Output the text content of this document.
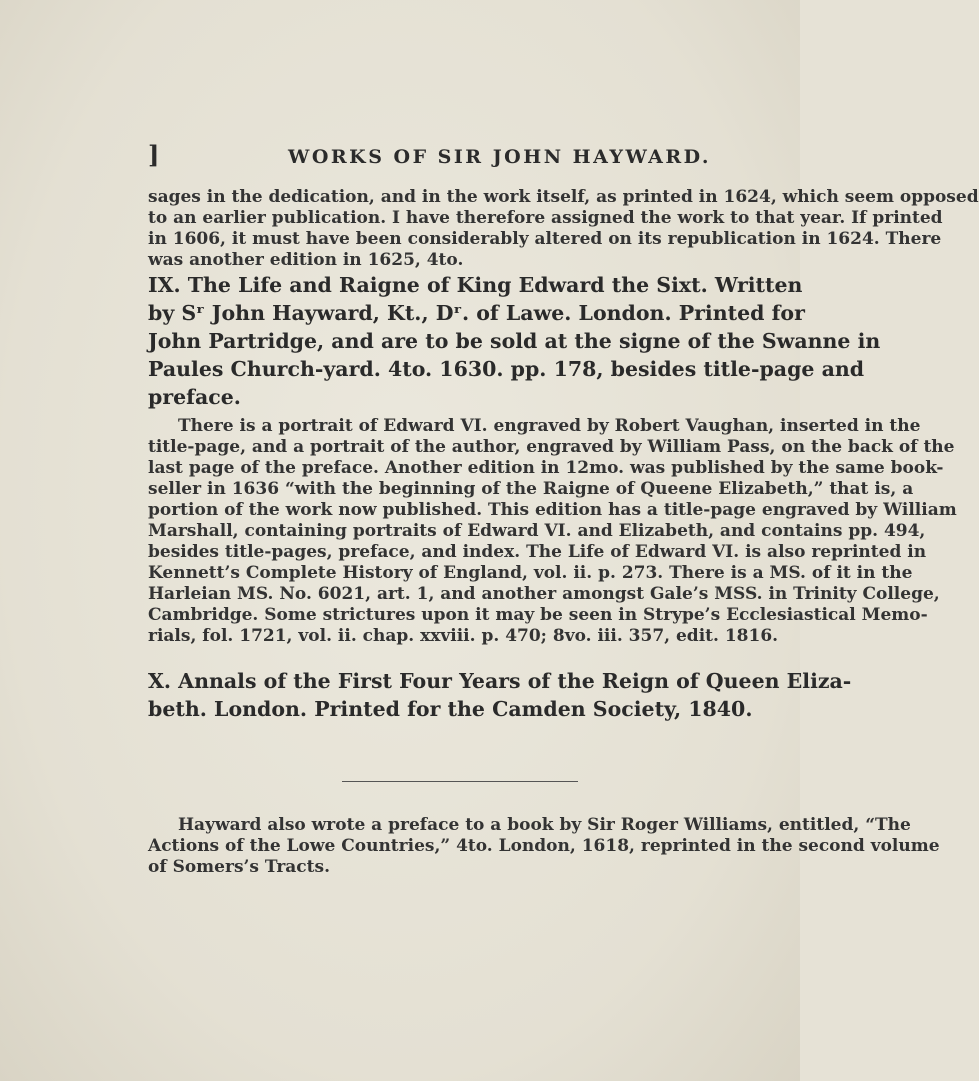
]	WORKS OF SIR JOHN HAYWARD.

sages in the dedication, and in the work itself, as printed in 1624, which seem opposed
to an earlier publication. I have therefore assigned the work to that year. If printed
in 1606, it must have been considerably altered on its republication in 1624. There
was another edition in 1625, 4to.

IX. The Life and Raigne of King Edward the Sixt. Written
by Sʳ John Hayward, Kt., Dʳ. of Lawe. London. Printed for
John Partridge, and are to be sold at the signe of the Swanne in
Paules Church-yard. 4to. 1630. pp. 178, besides title-page and
preface.

There is a portrait of Edward VI. engraved by Robert Vaughan, inserted in the
title-page, and a portrait of the author, engraved by William Pass, on the back of the
last page of the preface. Another edition in 12mo. was published by the same book-
seller in 1636 “with the beginning of the Raigne of Queene Elizabeth,” that is, a
portion of the work now published. This edition has a title-page engraved by William
Marshall, containing portraits of Edward VI. and Elizabeth, and contains pp. 494,
besides title-pages, preface, and index. The Life of Edward VI. is also reprinted in
Kennett’s Complete History of England, vol. ii. p. 273. There is a MS. of it in the
Harleian MS. No. 6021, art. 1, and another amongst Gale’s MSS. in Trinity College,
Cambridge. Some strictures upon it may be seen in Strype’s Ecclesiastical Memo-
rials, fol. 1721, vol. ii. chap. xxviii. p. 470; 8vo. iii. 357, edit. 1816.

X. Annals of the First Four Years of the Reign of Queen Eliza-
beth. London. Printed for the Camden Society, 1840.

Hayward also wrote a preface to a book by Sir Roger Williams, entitled, “The
Actions of the Lowe Countries,” 4to. London, 1618, reprinted in the second volume
of Somers’s Tracts.
